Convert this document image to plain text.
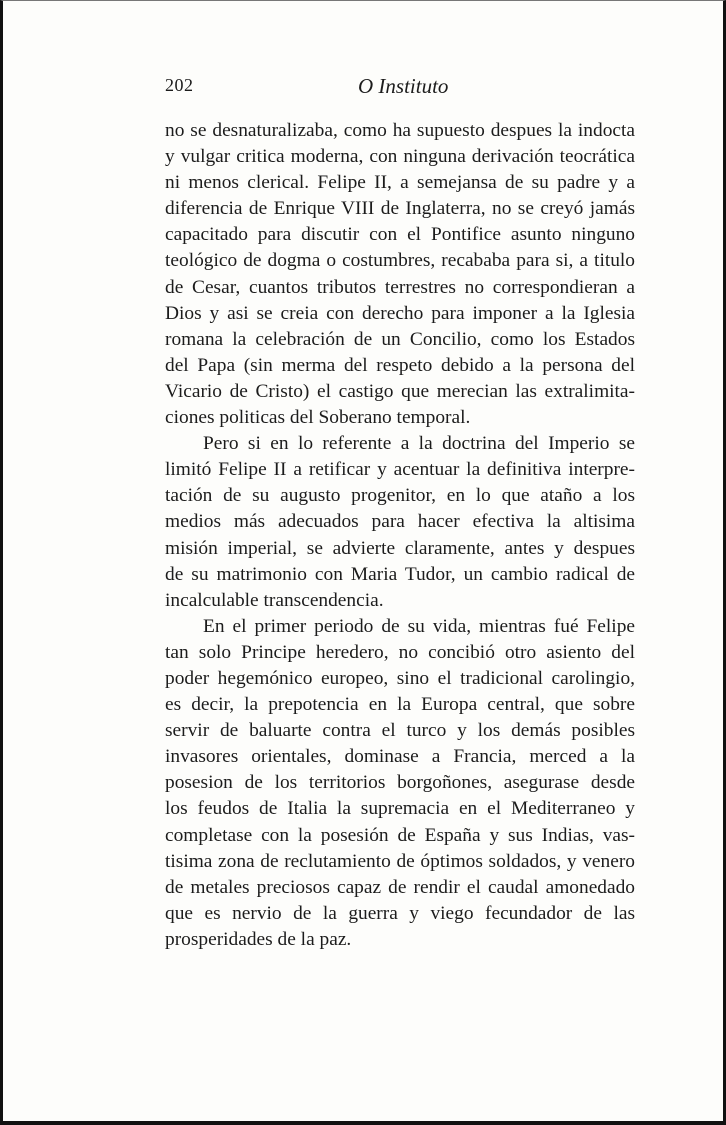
202	O Instituto
no se desnaturalizaba, como ha supuesto despues la indocta
y vulgar critica moderna, con ninguna derivación teocrática
ni menos clerical. Felipe II, a semejansa de su padre y a
diferencia de Enrique VIII de Inglaterra, no se creyó jamás
capacitado para discutir con el Pontifice asunto ninguno
teológico de dogma o costumbres, recababa para si, a titulo
de Cesar, cuantos tributos terrestres no correspondieran a
Dios y asi se creia con derecho para imponer a la Iglesia
romana la celebración de un Concilio, como los Estados
del Papa (sin merma del respeto debido a la persona del
Vicario de Cristo) el castigo que merecian las extralimita-
ciones politicas del Soberano temporal.
Pero si en lo referente a la doctrina del Imperio se
limitó Felipe II a retificar y acentuar la definitiva interpre-
tación de su augusto progenitor, en lo que ataño a los
medios más adecuados para hacer efectiva la altisima
misión imperial, se advierte claramente, antes y despues
de su matrimonio con Maria Tudor, un cambio radical de
incalculable transcendencia.
En el primer periodo de su vida, mientras fué Felipe
tan solo Principe heredero, no concibió otro asiento del
poder hegemónico europeo, sino el tradicional carolingio,
es decir, la prepotencia en la Europa central, que sobre
servir de baluarte contra el turco y los demás posibles
invasores orientales, dominase a Francia, merced a la
posesion de los territorios borgoñones, asegurase desde
los feudos de Italia la supremacia en el Mediterraneo y
completase con la posesión de España y sus Indias, vas-
tisima zona de reclutamiento de óptimos soldados, y venero
de metales preciosos capaz de rendir el caudal amonedado
que es nervio de la guerra y viego fecundador de las
prosperidades de la paz.
